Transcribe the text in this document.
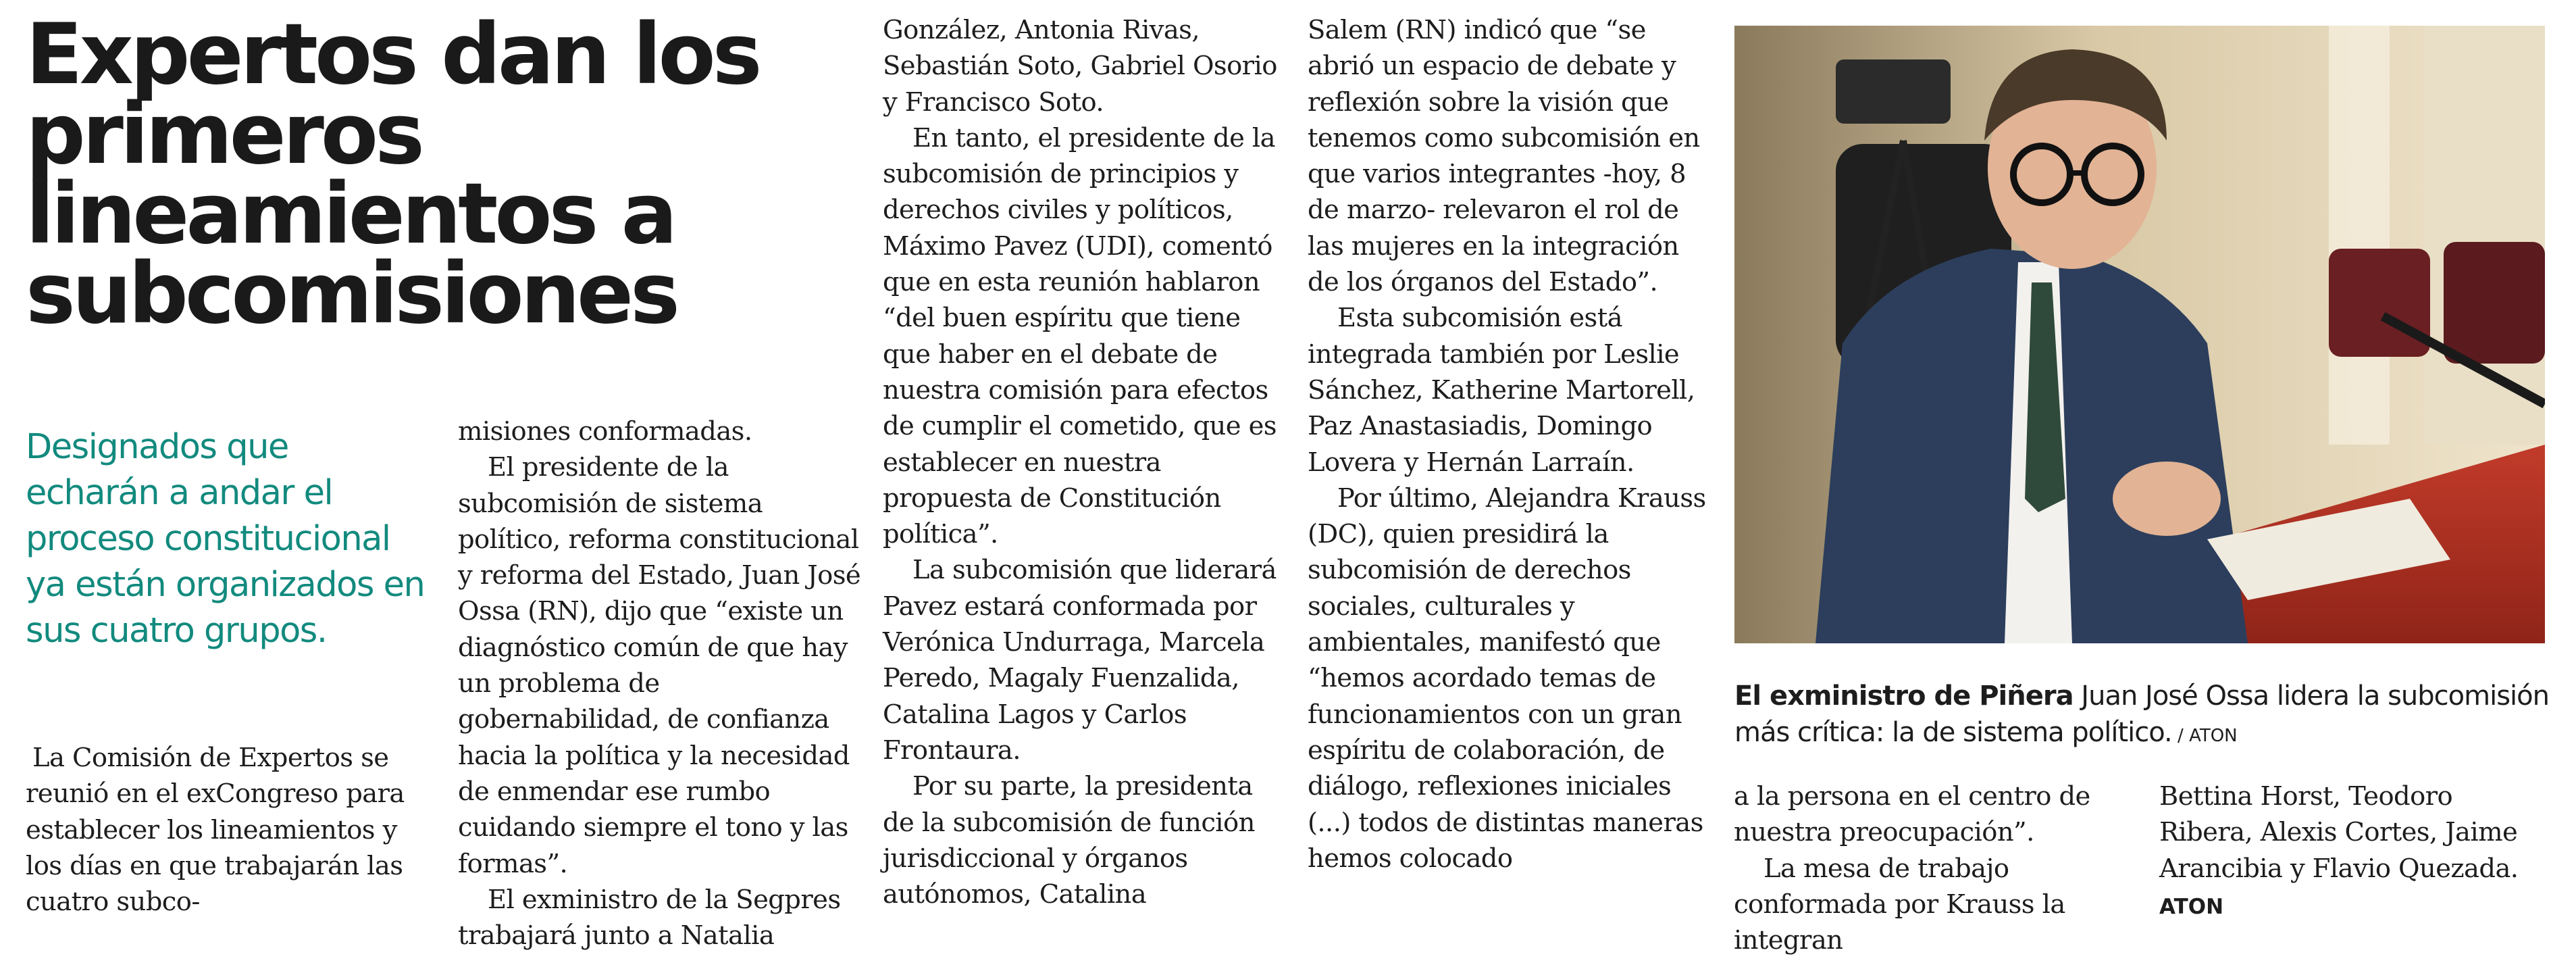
Expertos dan los primeros lineamientos a subcomisiones

Designados que echarán a andar el proceso constitucional ya están organizados en sus cuatro grupos.

La Comisión de Expertos se reunió en el exCongreso para establecer los lineamientos y los días en que trabajarán las cuatro subco-

misiones conformadas.

El presidente de la subcomisión de sistema político, reforma constitucional y reforma del Estado, Juan José Ossa (RN), dijo que “existe un diagnóstico común de que hay un problema de gobernabilidad, de confianza hacia la política y la necesidad de enmendar ese rumbo cuidando siempre el tono y las formas”.

El exministro de la Segpres trabajará junto a Natalia

González, Antonia Rivas, Sebastián Soto, Gabriel Osorio y Francisco Soto.

En tanto, el presidente de la subcomisión de principios y derechos civiles y políticos, Máximo Pavez (UDI), comentó que en esta reunión hablaron “del buen espíritu que tiene que haber en el debate de nuestra comisión para efectos de cumplir el cometido, que es establecer en nuestra propuesta de Constitución política”.

La subcomisión que liderará Pavez estará conformada por Verónica Undurraga, Marcela Peredo, Magaly Fuenzalida, Catalina Lagos y Carlos Frontaura.

Por su parte, la presidenta de la subcomisión de función jurisdiccional y órganos autónomos, Catalina

Salem (RN) indicó que “se abrió un espacio de debate y reflexión sobre la visión que tenemos como subcomisión en que varios integrantes -hoy, 8 de marzo- relevaron el rol de las mujeres en la integración de los órganos del Estado”.

Esta subcomisión está integrada también por Leslie Sánchez, Katherine Martorell, Paz Anastasiadis, Domingo Lovera y Hernán Larraín.

Por último, Alejandra Krauss (DC), quien presidirá la subcomisión de derechos sociales, culturales y ambientales, manifestó que “hemos acordado temas de funcionamientos con un gran espíritu de colaboración, de diálogo, reflexiones iniciales (...) todos de distintas maneras hemos colocado

El exministro de Piñera Juan José Ossa lidera la subcomisión más crítica: la de sistema político. / ATON

a la persona en el centro de nuestra preocupación”.

La mesa de trabajo conformada por Krauss la integran

Bettina Horst, Teodoro Ribera, Alexis Cortes, Jaime Arancibia y Flavio Quezada.

ATON
